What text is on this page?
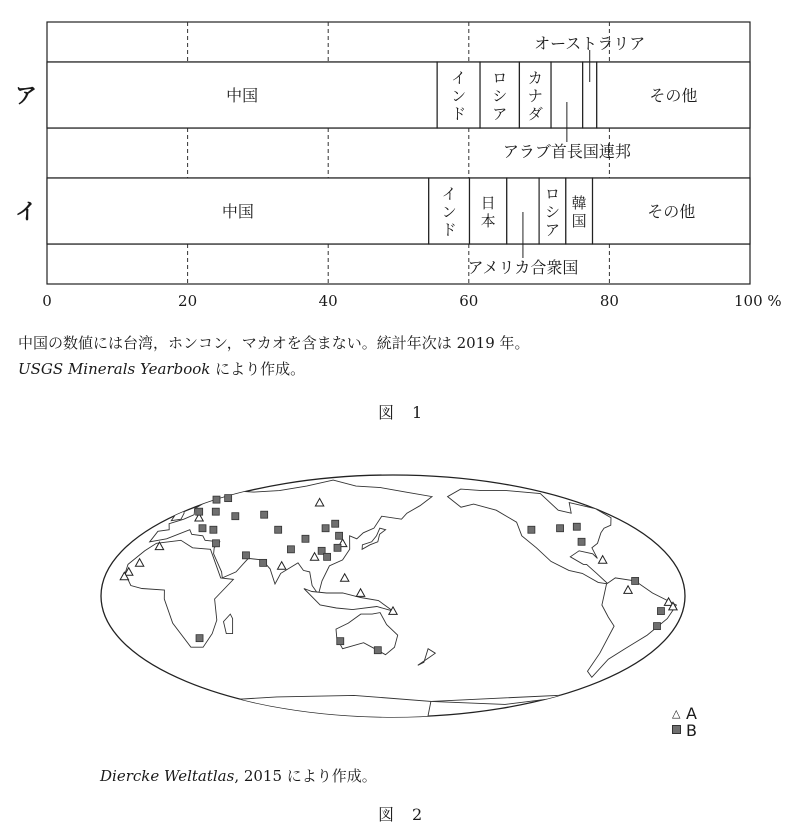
0	20	40	60	80	100 %
ア	中国
イ
ン
ド
ロ
シ
ア
カ
ナ
ダ
その他
イ	中国
イ
ン
ド
日
本
ロ
シ
ア
韓
国	その他
オーストラリア
アラブ首長国連邦
アメリカ合衆国
中国の数値には台湾，ホンコン，マカオを含まない。統計年次は 2019 年。
USGS Minerals Yearbook により作成。
図　1
△ A
B
Diercke Weltatlas, 2015 により作成。
図　2
